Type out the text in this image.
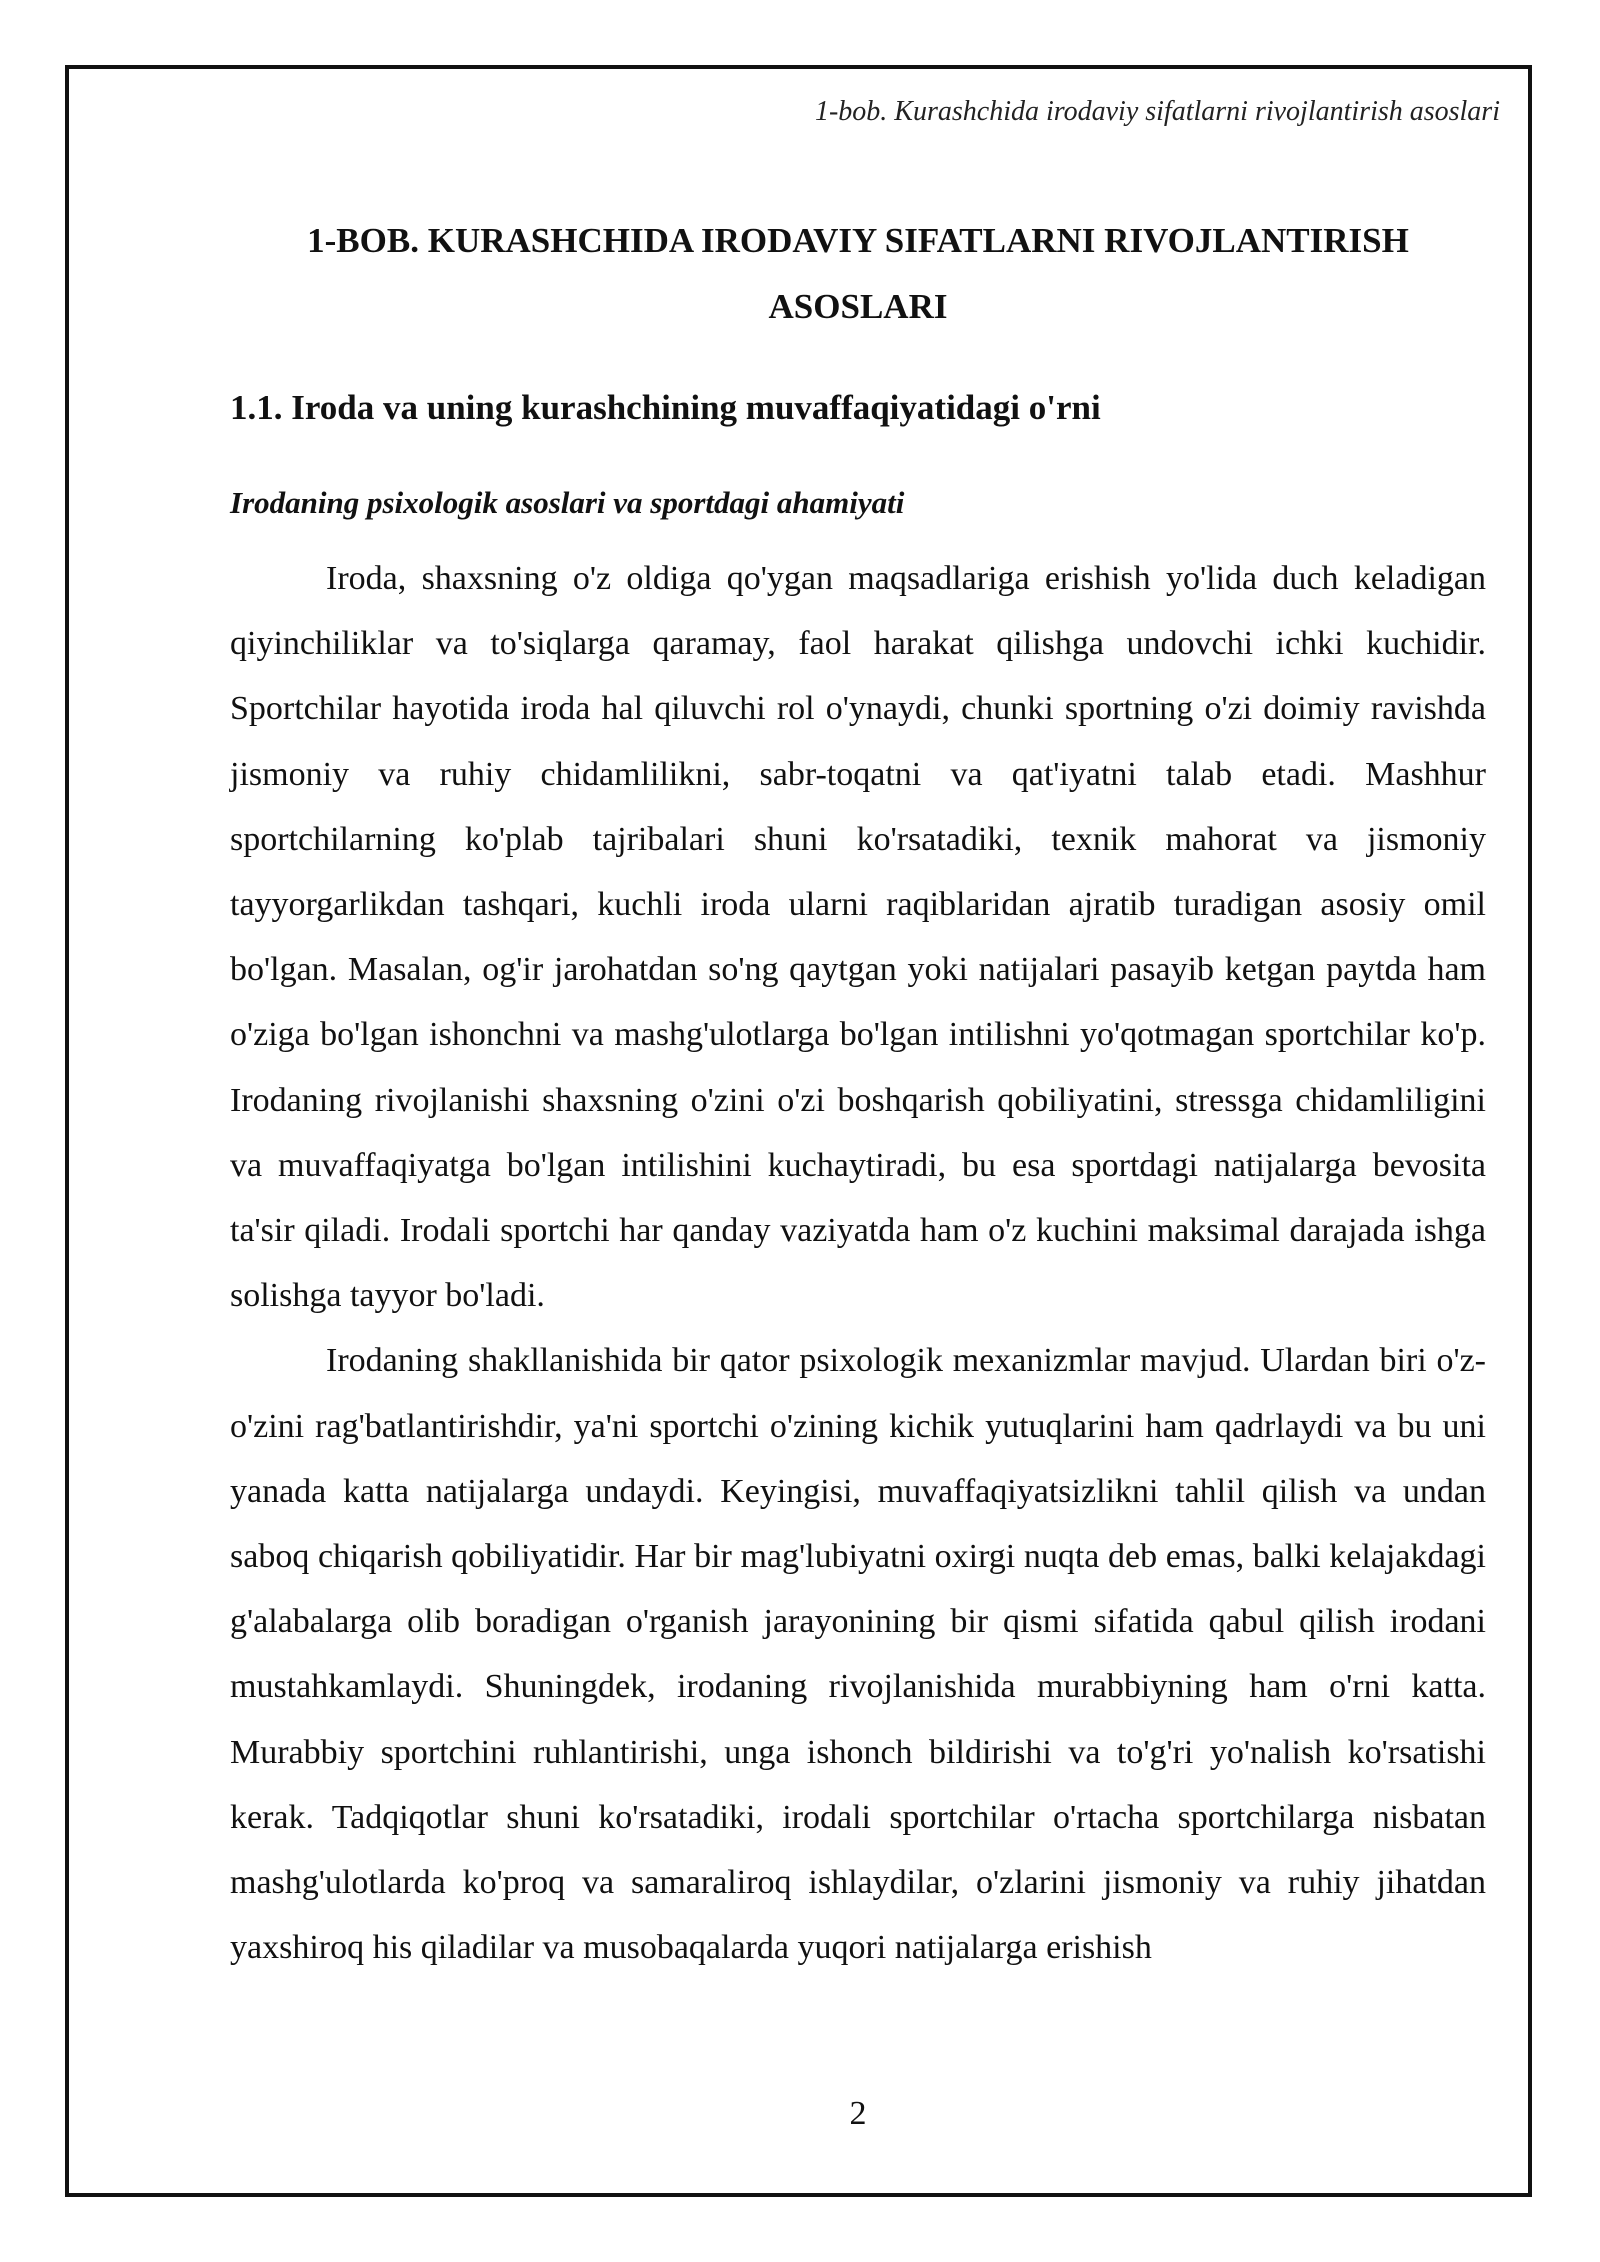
1-bob. Kurashchida irodaviy sifatlarni rivojlantirish asoslari
1-BOB. KURASHCHIDA IRODAVIY SIFATLARNI RIVOJLANTIRISH
ASOSLARI
1.1. Iroda va uning kurashchining muvaffaqiyatidagi o'rni
Irodaning psixologik asoslari va sportdagi ahamiyati

Iroda, shaxsning o'z oldiga qo'ygan maqsadlariga erishish yo'lida duch keladigan qiyinchiliklar va to'siqlarga qaramay, faol harakat qilishga undovchi ichki kuchidir. Sportchilar hayotida iroda hal qiluvchi rol o'ynaydi, chunki sportning o'zi doimiy ravishda jismoniy va ruhiy chidamlilikni, sabr-toqatni va qat'iyatni talab etadi. Mashhur sportchilarning ko'plab tajribalari shuni ko'rsatadiki, texnik mahorat va jismoniy tayyorgarlikdan tashqari, kuchli iroda ularni raqiblaridan ajratib turadigan asosiy omil bo'lgan. Masalan, og'ir jarohatdan so'ng qaytgan yoki natijalari pasayib ketgan paytda ham o'ziga bo'lgan ishonchni va mashg'ulotlarga bo'lgan intilishni yo'qotmagan sportchilar ko'p. Irodaning rivojlanishi shaxsning o'zini o'zi boshqarish qobiliyatini, stressga chidamliligini va muvaffaqiyatga bo'lgan intilishini kuchaytiradi, bu esa sportdagi natijalarga bevosita ta'sir qiladi. Irodali sportchi har qanday vaziyatda ham o'z kuchini maksimal darajada ishga solishga tayyor bo'ladi.

Irodaning shakllanishida bir qator psixologik mexanizmlar mavjud. Ulardan biri o'z-o'zini rag'batlantirishdir, ya'ni sportchi o'zining kichik yutuqlarini ham qadrlaydi va bu uni yanada katta natijalarga undaydi. Keyingisi, muvaffaqiyatsizlikni tahlil qilish va undan saboq chiqarish qobiliyatidir. Har bir mag'lubiyatni oxirgi nuqta deb emas, balki kelajakdagi g'alabalarga olib boradigan o'rganish jarayonining bir qismi sifatida qabul qilish irodani mustahkamlaydi. Shuningdek, irodaning rivojlanishida murabbiyning ham o'rni katta. Murabbiy sportchini ruhlantirishi, unga ishonch bildirishi va to'g'ri yo'nalish ko'rsatishi kerak. Tadqiqotlar shuni ko'rsatadiki, irodali sportchilar o'rtacha sportchilarga nisbatan mashg'ulotlarda ko'proq va samaraliroq ishlaydilar, o'zlarini jismoniy va ruhiy jihatdan yaxshiroq his qiladilar va musobaqalarda yuqori natijalarga erishish

2
